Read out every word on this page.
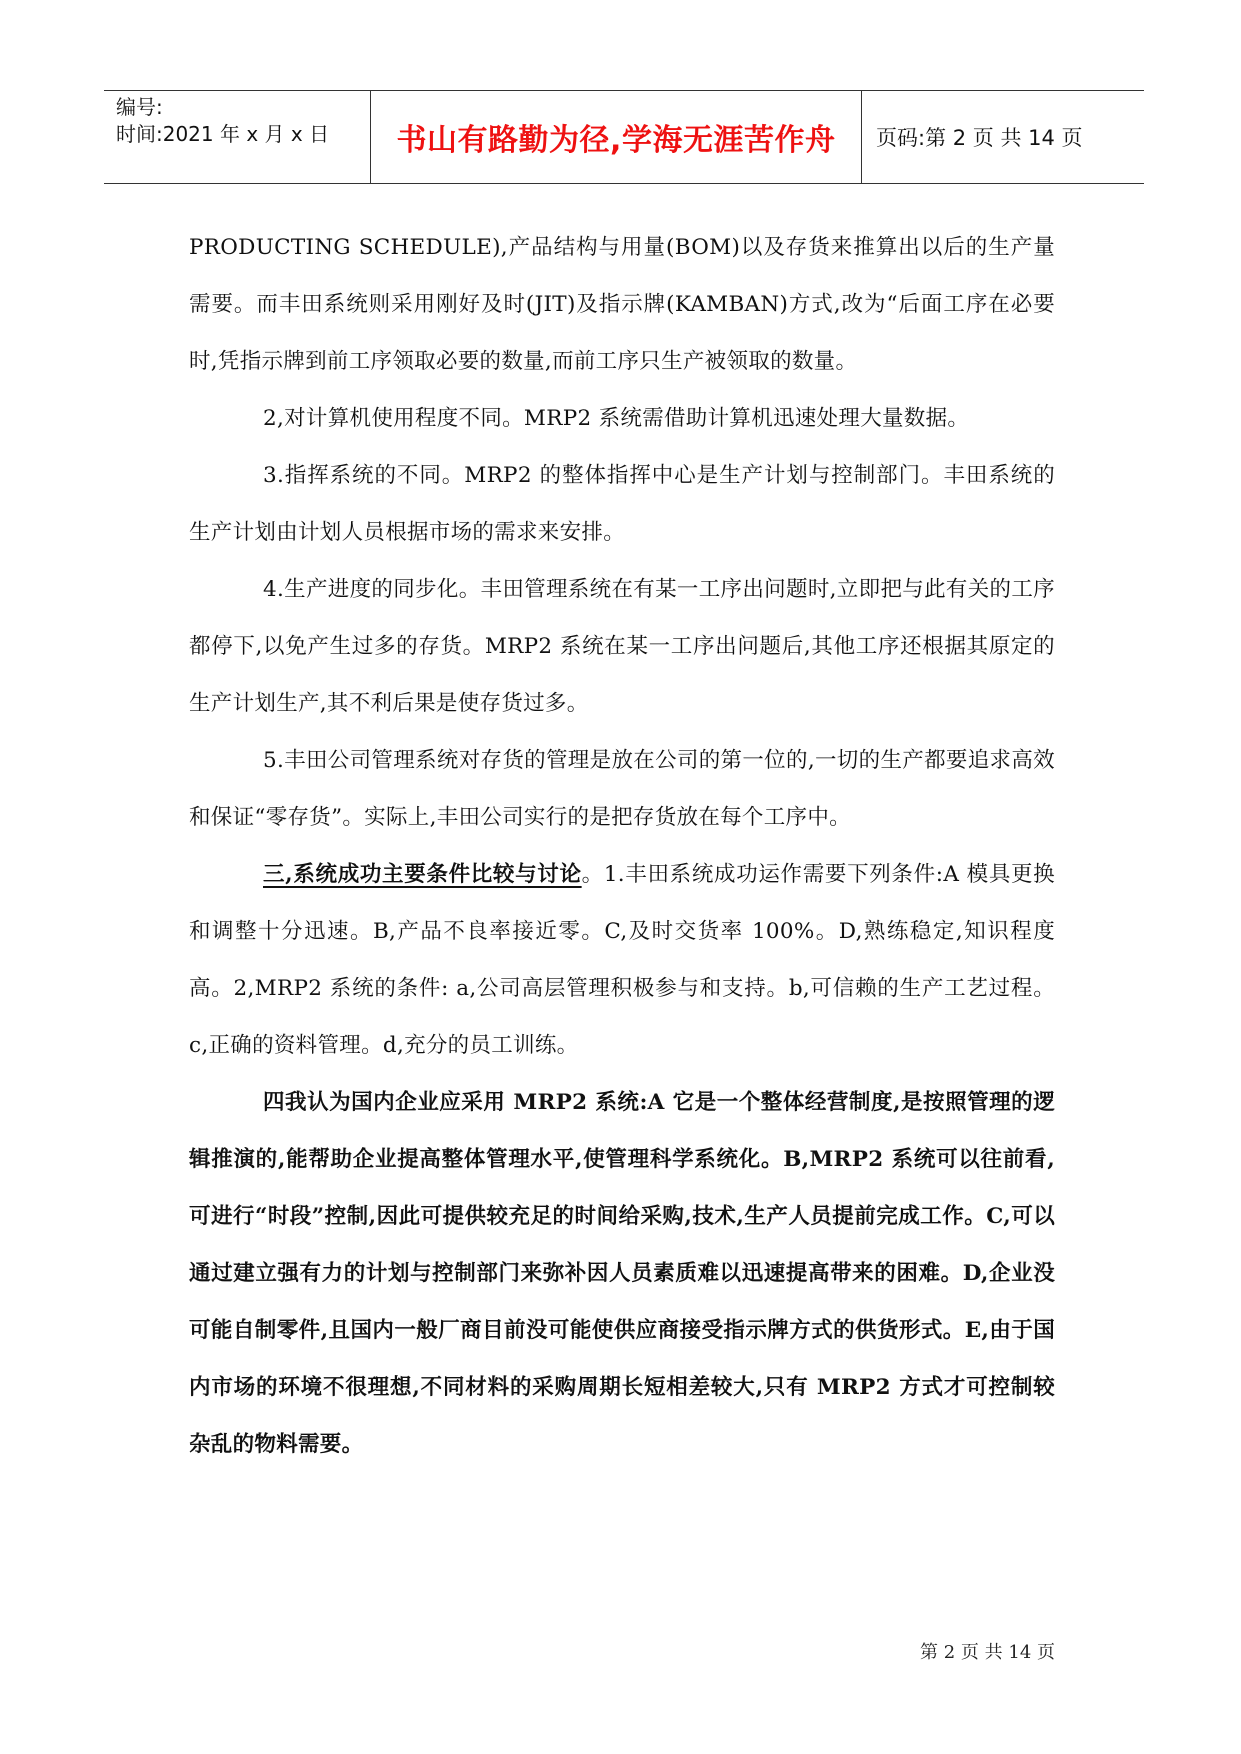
编号:
时间:2021 年 x 月 x 日	书山有路勤为径,学海无涯苦作舟 页码:第 2 页 共 14 页

PRODUCTING SCHEDULE),产品结构与用量(BOM)以及存货来推算出以后的生产量需要。而丰田系统则采用刚好及时(JIT)及指示牌(KAMBAN)方式,改为“后面工序在必要时,凭指示牌到前工序领取必要的数量,而前工序只生产被领取的数量。

2,对计算机使用程度不同。MRP2 系统需借助计算机迅速处理大量数据。

3.指挥系统的不同。MRP2 的整体指挥中心是生产计划与控制部门。丰田系统的生产计划由计划人员根据市场的需求来安排。

4.生产进度的同步化。丰田管理系统在有某一工序出问题时,立即把与此有关的工序都停下,以免产生过多的存货。MRP2 系统在某一工序出问题后,其他工序还根据其原定的生产计划生产,其不利后果是使存货过多。

5.丰田公司管理系统对存货的管理是放在公司的第一位的,一切的生产都要追求高效和保证“零存货”。实际上,丰田公司实行的是把存货放在每个工序中。

三,系统成功主要条件比较与讨论。1.丰田系统成功运作需要下列条件:A 模具更换和调整十分迅速。B,产品不良率接近零。C,及时交货率 100%。D,熟练稳定,知识程度高。2,MRP2 系统的条件: a,公司高层管理积极参与和支持。b,可信赖的生产工艺过程。c,正确的资料管理。d,充分的员工训练。

四我认为国内企业应采用 MRP2 系统:A 它是一个整体经营制度,是按照管理的逻辑推演的,能帮助企业提高整体管理水平,使管理科学系统化。B,MRP2 系统可以往前看,可进行“时段”控制,因此可提供较充足的时间给采购,技术,生产人员提前完成工作。C,可以通过建立强有力的计划与控制部门来弥补因人员素质难以迅速提高带来的困难。D,企业没可能自制零件,且国内一般厂商目前没可能使供应商接受指示牌方式的供货形式。E,由于国内市场的环境不很理想,不同材料的采购周期长短相差较大,只有 MRP2 方式才可控制较杂乱的物料需要。

第 2 页 共 14 页
